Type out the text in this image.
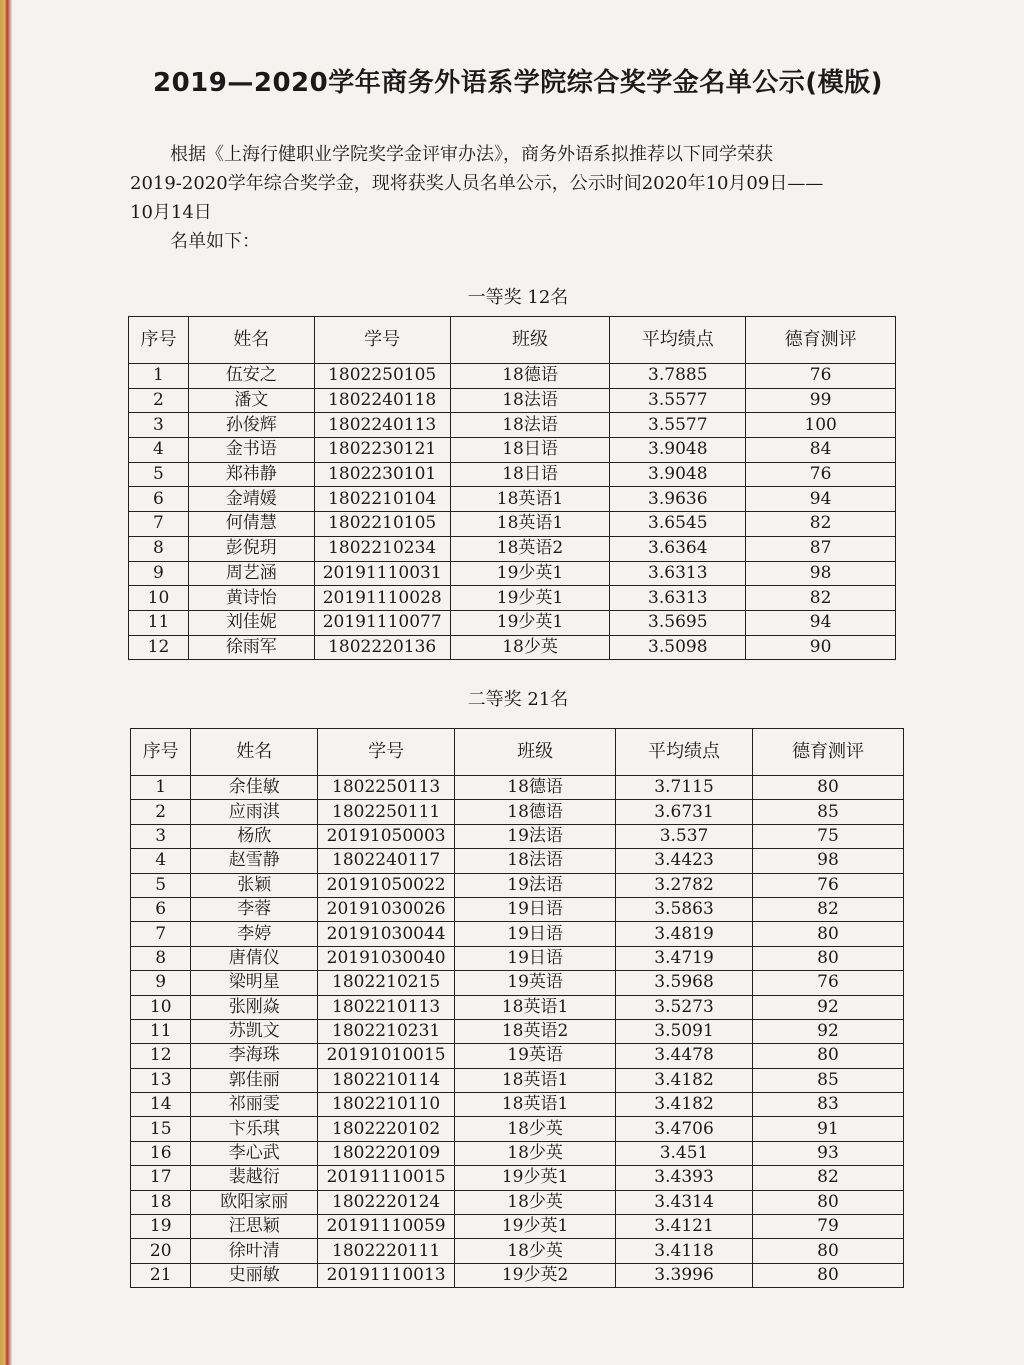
2019—2020学年商务外语系学院综合奖学金名单公示(模版)

根据《上海行健职业学院奖学金评审办法》，商务外语系拟推荐以下同学荣获

2019-2020学年综合奖学金，现将获奖人员名单公示，公示时间2020年10月09日——

10月14日

名单如下：

一等奖 12名
序号	姓名	学号	班级	平均绩点	德育测评
1	伍安之	1802250105	18德语	3.7885	76
2	潘文	1802240118	18法语	3.5577	99
3	孙俊辉	1802240113	18法语	3.5577	100
4	金书语	1802230121	18日语	3.9048	84
5	郑祎静	1802230101	18日语	3.9048	76
6	金靖媛	1802210104	18英语1	3.9636	94
7	何倩慧	1802210105	18英语1	3.6545	82
8	彭倪玥	1802210234	18英语2	3.6364	87
9	周艺涵	20191110031	19少英1	3.6313	98
10	黄诗怡	20191110028	19少英1	3.6313	82
11	刘佳妮	20191110077	19少英1	3.5695	94
12	徐雨军	1802220136	18少英	3.5098	90
二等奖 21名
序号	姓名	学号	班级	平均绩点	德育测评
1	余佳敏	1802250113	18德语	3.7115	80
2	应雨淇	1802250111	18德语	3.6731	85
3	杨欣	20191050003	19法语	3.537	75
4	赵雪静	1802240117	18法语	3.4423	98
5	张颖	20191050022	19法语	3.2782	76
6	李蓉	20191030026	19日语	3.5863	82
7	李婷	20191030044	19日语	3.4819	80
8	唐倩仪	20191030040	19日语	3.4719	80
9	梁明星	1802210215	19英语	3.5968	76
10	张刚焱	1802210113	18英语1	3.5273	92
11	苏凯文	1802210231	18英语2	3.5091	92
12	李海珠	20191010015	19英语	3.4478	80
13	郭佳丽	1802210114	18英语1	3.4182	85
14	祁丽雯	1802210110	18英语1	3.4182	83
15	卞乐琪	1802220102	18少英	3.4706	91
16	李心武	1802220109	18少英	3.451	93
17	裴越衍	20191110015	19少英1	3.4393	82
18	欧阳家丽	1802220124	18少英	3.4314	80
19	汪思颖	20191110059	19少英1	3.4121	79
20	徐叶清	1802220111	18少英	3.4118	80
21	史丽敏	20191110013	19少英2	3.3996	80
